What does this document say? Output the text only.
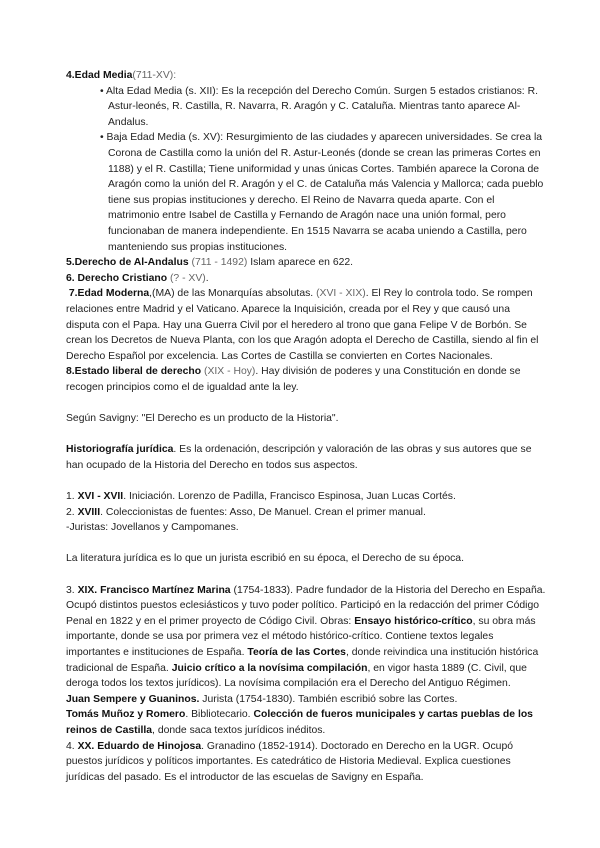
4.Edad Media(711-XV):

• Alta Edad Media (s. XII): Es la recepción del Derecho Común. Surgen 5 estados cristianos: R. Astur-leonés, R. Castilla, R. Navarra, R. Aragón y C. Cataluña. Mientras tanto aparece Al-Andalus.

• Baja Edad Media (s. XV): Resurgimiento de las ciudades y aparecen universidades. Se crea la Corona de Castilla como la unión del R. Astur-Leonés (donde se crean las primeras Cortes en 1188) y el R. Castilla; Tiene uniformidad y unas únicas Cortes. También aparece la Corona de Aragón como la unión del R. Aragón y el C. de Cataluña más Valencia y Mallorca; cada pueblo tiene sus propias instituciones y derecho. El Reino de Navarra queda aparte. Con el matrimonio entre Isabel de Castilla y Fernando de Aragón nace una unión formal, pero funcionaban de manera independiente. En 1515 Navarra se acaba uniendo a Castilla, pero manteniendo sus propias instituciones.

5.Derecho de Al-Andalus (711 - 1492) Islam aparece en 622.

6. Derecho Cristiano (? - XV).

7.Edad Moderna,(MA) de las Monarquías absolutas. (XVI - XIX). El Rey lo controla todo. Se rompen relaciones entre Madrid y el Vaticano. Aparece la Inquisición, creada por el Rey y que causó una disputa con el Papa. Hay una Guerra Civil por el heredero al trono que gana Felipe V de Borbón. Se crean los Decretos de Nueva Planta, con los que Aragón adopta el Derecho de Castilla, siendo al fin el Derecho Español por excelencia. Las Cortes de Castilla se convierten en Cortes Nacionales.

8.Estado liberal de derecho (XIX - Hoy). Hay división de poderes y una Constitución en donde se recogen principios como el de igualdad ante la ley.

Según Savigny: "El Derecho es un producto de la Historia".

Historiografía jurídica. Es la ordenación, descripción y valoración de las obras y sus autores que se han ocupado de la Historia del Derecho en todos sus aspectos.

1. XVI - XVII. Iniciación. Lorenzo de Padilla, Francisco Espinosa, Juan Lucas Cortés.

2. XVIII. Coleccionistas de fuentes: Asso, De Manuel. Crean el primer manual.

-Juristas: Jovellanos y Campomanes.

La literatura jurídica es lo que un jurista escribió en su época, el Derecho de su época.

3. XIX. Francisco Martínez Marina (1754-1833). Padre fundador de la Historia del Derecho en España. Ocupó distintos puestos eclesiásticos y tuvo poder político. Participó en la redacción del primer Código Penal en 1822 y en el primer proyecto de Código Civil. Obras: Ensayo histórico-crítico, su obra más importante, donde se usa por primera vez el método histórico-crítico. Contiene textos legales importantes e instituciones de España. Teoría de las Cortes, donde reivindica una institución histórica tradicional de España. Juicio crítico a la novísima compilación, en vigor hasta 1889 (C. Civil, que deroga todos los textos jurídicos). La novísima compilación era el Derecho del Antiguo Régimen.

Juan Sempere y Guaninos. Jurista (1754-1830). También escribió sobre las Cortes.

Tomás Muñoz y Romero. Bibliotecario. Colección de fueros municipales y cartas pueblas de los reinos de Castilla, donde saca textos jurídicos inéditos.

4. XX. Eduardo de Hinojosa. Granadino (1852-1914). Doctorado en Derecho en la UGR. Ocupó puestos jurídicos y políticos importantes. Es catedrático de Historia Medieval. Explica cuestiones jurídicas del pasado. Es el introductor de las escuelas de Savigny en España.
